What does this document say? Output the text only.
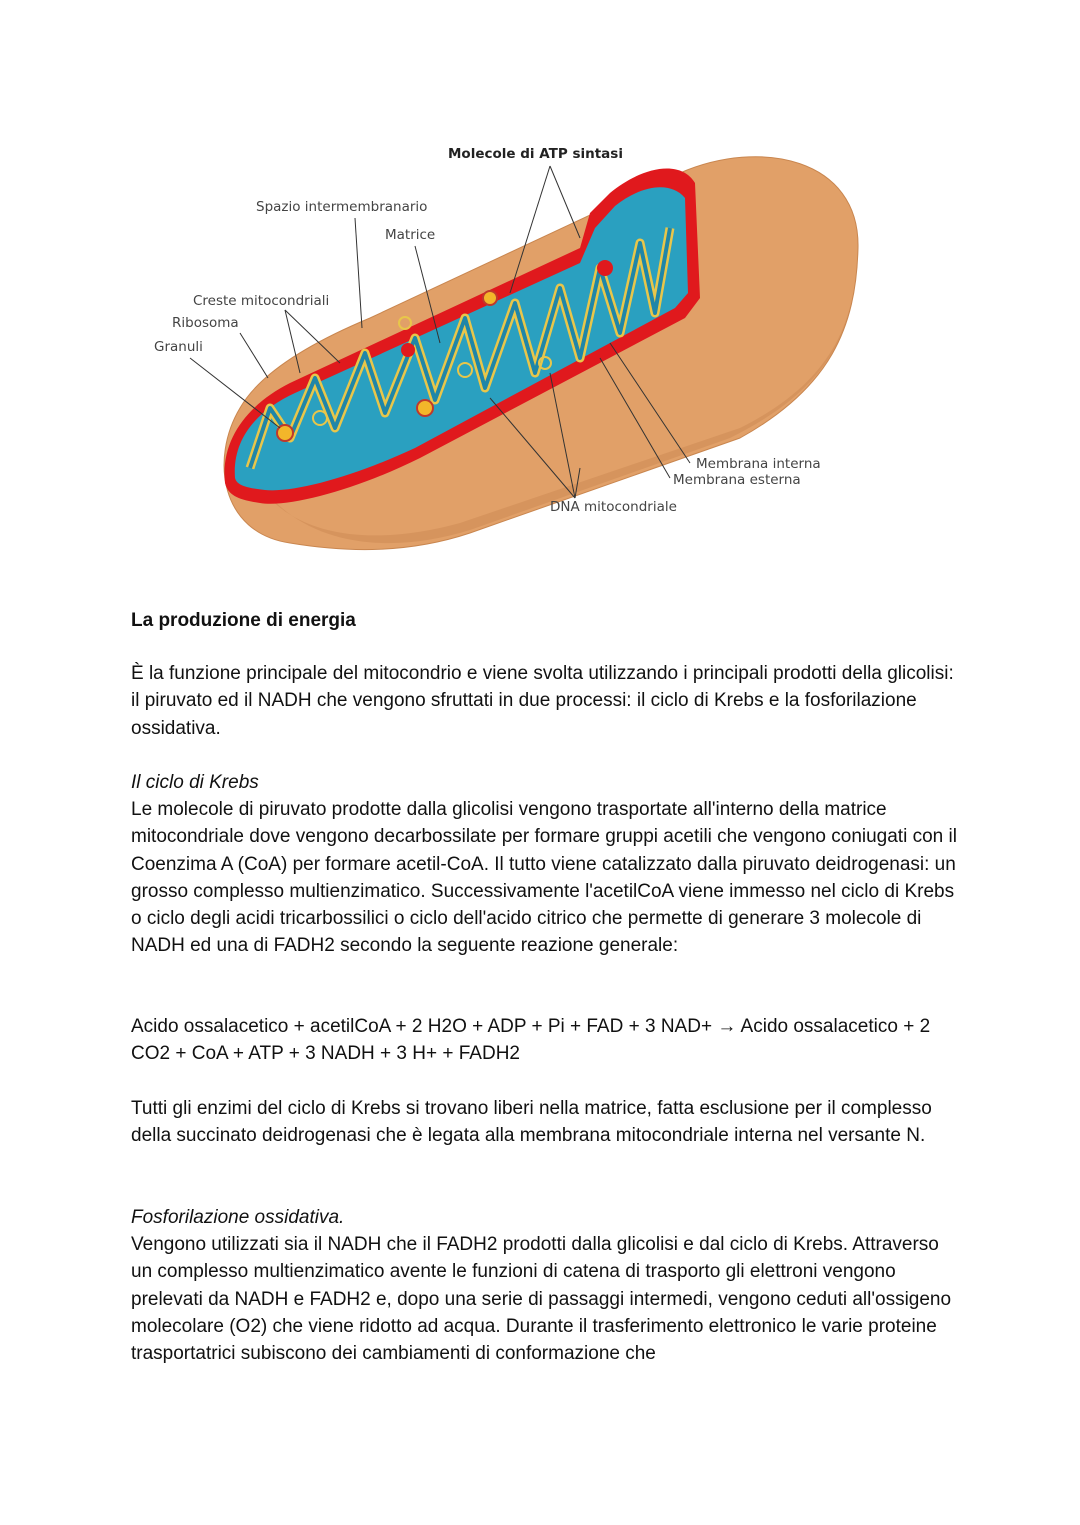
Molecole di ATP sintasi
Spazio intermembranario
Matrice
Creste mitocondriali
Ribosoma
Granuli
Membrana interna
Membrana esterna
DNA mitocondriale
La produzione di energia
È la funzione principale del mitocondrio e viene svolta utilizzando i principali prodotti della glicolisi: il piruvato ed il NADH che vengono sfruttati in due processi: il ciclo di Krebs e la fosforilazione ossidativa.
Il ciclo di Krebs
Le molecole di piruvato prodotte dalla glicolisi vengono trasportate all'interno della matrice mitocondriale dove vengono decarbossilate per formare gruppi acetili che vengono coniugati con il Coenzima A (CoA) per formare acetil-CoA. Il tutto viene catalizzato dalla piruvato deidrogenasi: un grosso complesso multienzimatico. Successivamente l'acetilCoA viene immesso nel ciclo di Krebs o ciclo degli acidi tricarbossilici o ciclo dell'acido citrico che permette di generare 3 molecole di NADH ed una di FADH2 secondo la seguente reazione generale:
Acido ossalacetico + acetilCoA + 2 H2O + ADP + Pi + FAD + 3 NAD+ → Acido ossalacetico + 2 CO2 + CoA + ATP + 3 NADH + 3 H+ + FADH2
Tutti gli enzimi del ciclo di Krebs si trovano liberi nella matrice, fatta esclusione per il complesso della succinato deidrogenasi che è legata alla membrana mitocondriale interna nel versante N.
Fosforilazione ossidativa.
Vengono utilizzati sia il NADH che il FADH2 prodotti dalla glicolisi e dal ciclo di Krebs. Attraverso un complesso multienzimatico avente le funzioni di catena di trasporto gli elettroni vengono prelevati da NADH e FADH2 e, dopo una serie di passaggi intermedi, vengono ceduti all'ossigeno molecolare (O2) che viene ridotto ad acqua. Durante il trasferimento elettronico le varie proteine trasportatrici subiscono dei cambiamenti di conformazione che
